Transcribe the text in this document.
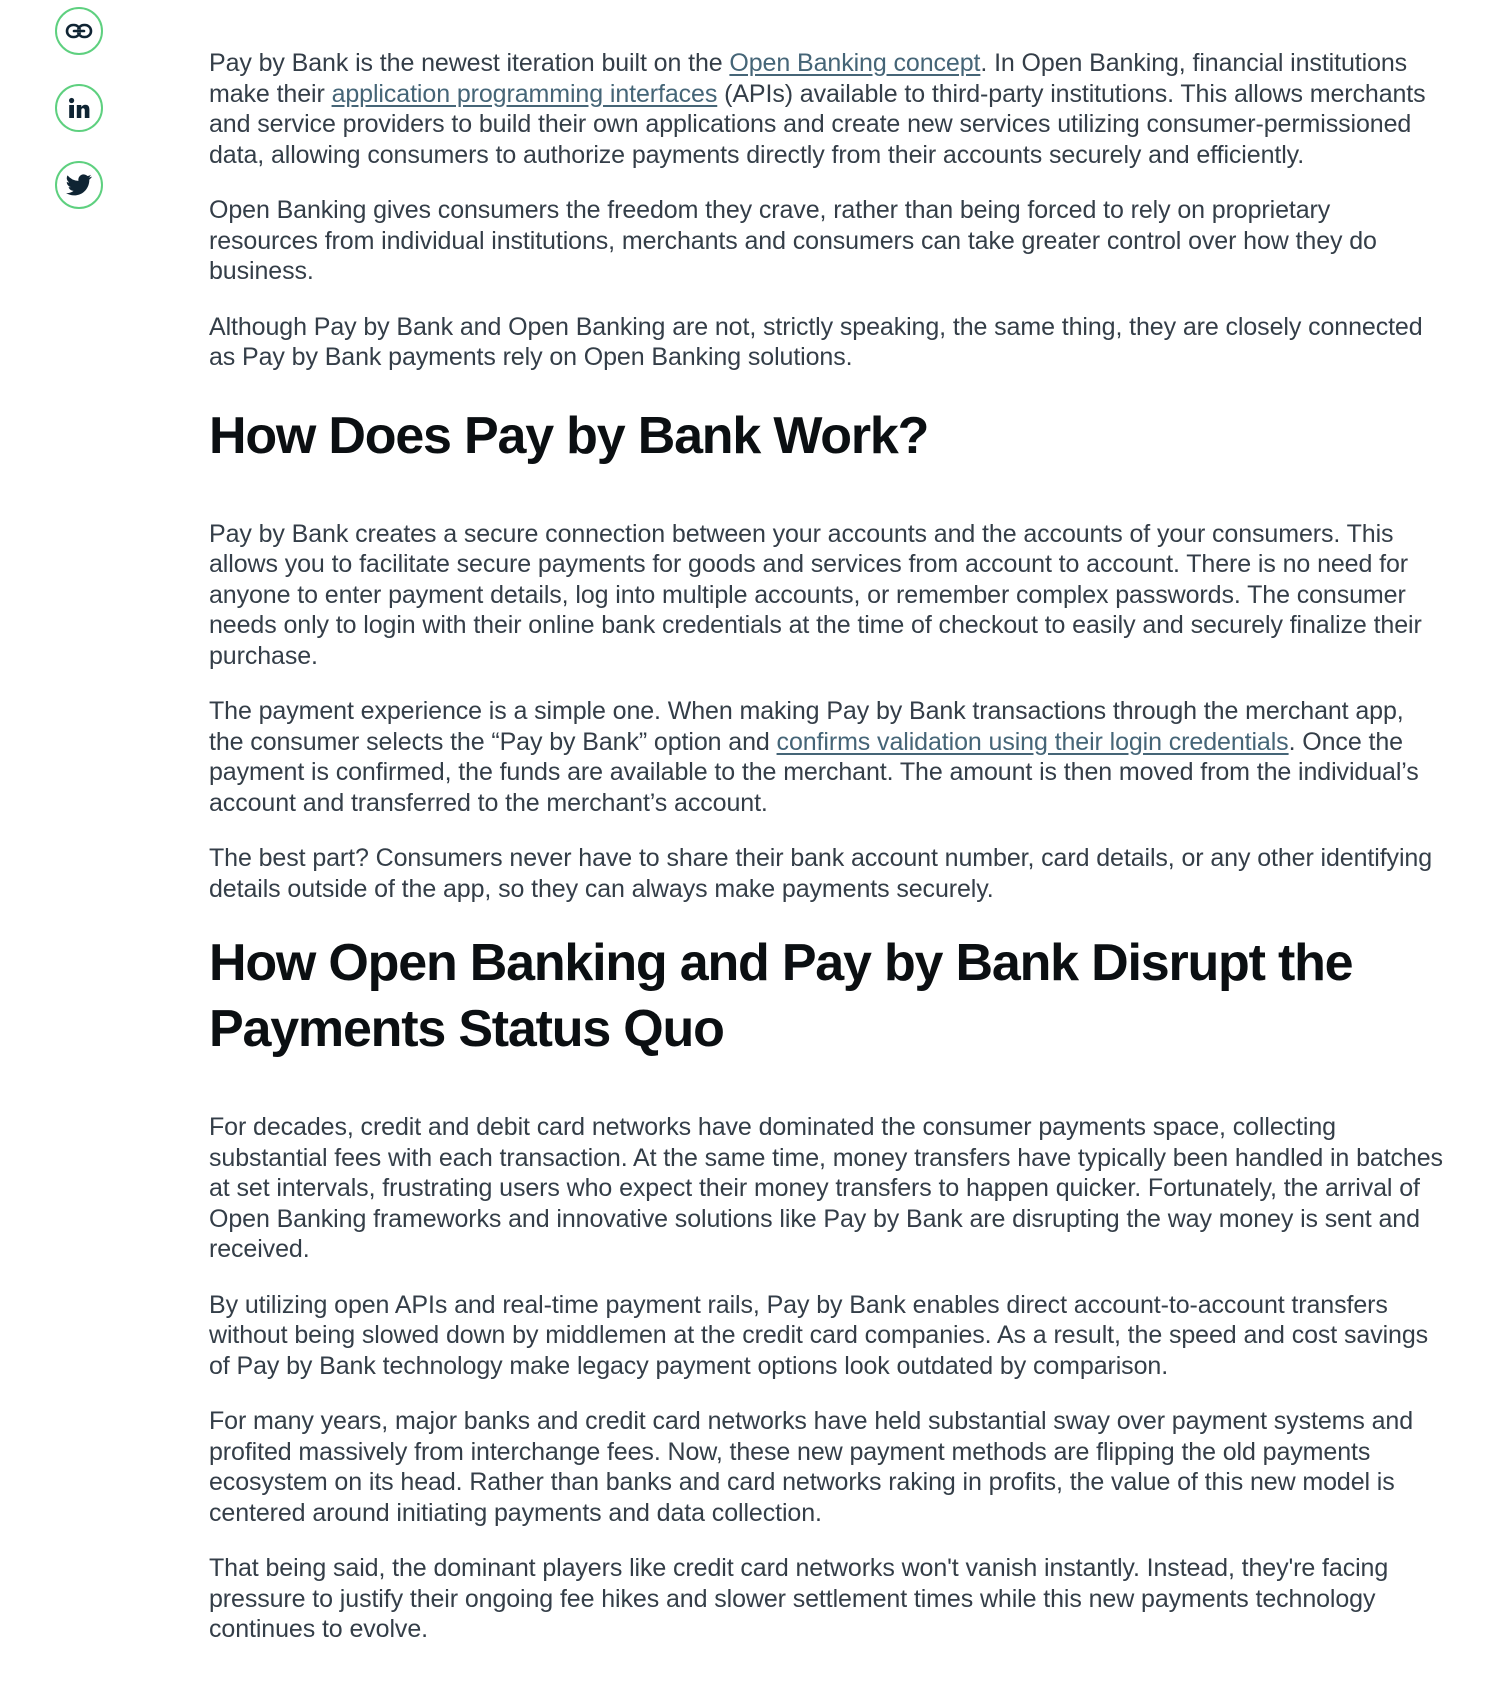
Pay by Bank is the newest iteration built on the Open Banking concept. In Open Banking, financial institutions make their application programming interfaces (APIs) available to third-party institutions. This allows merchants and service providers to build their own applications and create new services utilizing consumer-permissioned data, allowing consumers to authorize payments directly from their accounts securely and efficiently.

Open Banking gives consumers the freedom they crave, rather than being forced to rely on proprietary resources from individual institutions, merchants and consumers can take greater control over how they do business.

Although Pay by Bank and Open Banking are not, strictly speaking, the same thing, they are closely connected as Pay by Bank payments rely on Open Banking solutions.

How Does Pay by Bank Work?

Pay by Bank creates a secure connection between your accounts and the accounts of your consumers. This allows you to facilitate secure payments for goods and services from account to account. There is no need for anyone to enter payment details, log into multiple accounts, or remember complex passwords. The consumer needs only to login with their online bank credentials at the time of checkout to easily and securely finalize their purchase.

The payment experience is a simple one. When making Pay by Bank transactions through the merchant app, the consumer selects the “Pay by Bank” option and confirms validation using their login credentials. Once the payment is confirmed, the funds are available to the merchant. The amount is then moved from the individual’s account and transferred to the merchant’s account.

The best part? Consumers never have to share their bank account number, card details, or any other identifying details outside of the app, so they can always make payments securely.

How Open Banking and Pay by Bank Disrupt the Payments Status Quo

For decades, credit and debit card networks have dominated the consumer payments space, collecting substantial fees with each transaction. At the same time, money transfers have typically been handled in batches at set intervals, frustrating users who expect their money transfers to happen quicker. Fortunately, the arrival of Open Banking frameworks and innovative solutions like Pay by Bank are disrupting the way money is sent and received.

By utilizing open APIs and real-time payment rails, Pay by Bank enables direct account-to-account transfers without being slowed down by middlemen at the credit card companies. As a result, the speed and cost savings of Pay by Bank technology make legacy payment options look outdated by comparison.

For many years, major banks and credit card networks have held substantial sway over payment systems and profited massively from interchange fees. Now, these new payment methods are flipping the old payments ecosystem on its head. Rather than banks and card networks raking in profits, the value of this new model is centered around initiating payments and data collection.

That being said, the dominant players like credit card networks won't vanish instantly. Instead, they're facing pressure to justify their ongoing fee hikes and slower settlement times while this new payments technology continues to evolve.
